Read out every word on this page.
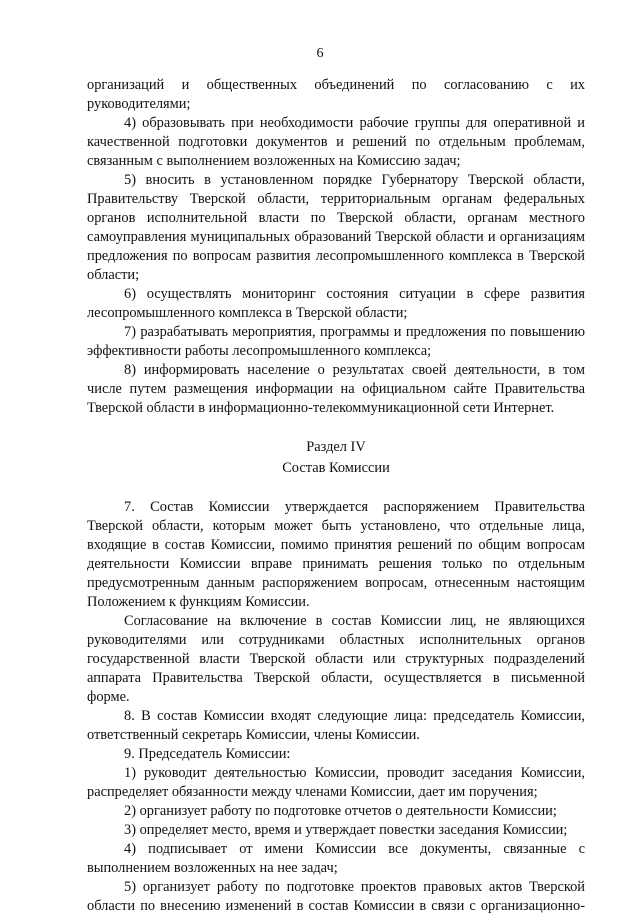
6

организаций и общественных объединений по согласованию с их руководителями;

4) образовывать при необходимости рабочие группы для оперативной и качественной подготовки документов и решений по отдельным проблемам, связанным с выполнением возложенных на Комиссию задач;

5) вносить в установленном порядке Губернатору Тверской области, Правительству Тверской области, территориальным органам федеральных органов исполнительной власти по Тверской области, органам местного самоуправления муниципальных образований Тверской области и организациям предложения по вопросам развития лесопромышленного комплекса в Тверской области;

6) осуществлять мониторинг состояния ситуации в сфере развития лесопромышленного комплекса в Тверской области;

7) разрабатывать мероприятия, программы и предложения по повышению эффективности работы лесопромышленного комплекса;

8) информировать население о результатах своей деятельности, в том числе путем размещения информации на официальном сайте Правительства Тверской области в информационно-телекоммуникационной сети Интернет.

Раздел IV

Состав Комиссии

7. Состав Комиссии утверждается распоряжением Правительства Тверской области, которым может быть установлено, что отдельные лица, входящие в состав Комиссии, помимо принятия решений по общим вопросам деятельности Комиссии вправе принимать решения только по отдельным предусмотренным данным распоряжением вопросам, отнесенным настоящим Положением к функциям Комиссии.

Согласование на включение в состав Комиссии лиц, не являющихся руководителями или сотрудниками областных исполнительных органов государственной власти Тверской области или структурных подразделений аппарата Правительства Тверской области, осуществляется в письменной форме.

8. В состав Комиссии входят следующие лица: председатель Комиссии, ответственный секретарь Комиссии, члены Комиссии.

9. Председатель Комиссии:

1) руководит деятельностью Комиссии, проводит заседания Комиссии, распределяет обязанности между членами Комиссии, дает им поручения;

2) организует работу по подготовке отчетов о деятельности Комиссии;

3) определяет место, время и утверждает повестки заседания Комиссии;

4) подписывает от имени Комиссии все документы, связанные с выполнением возложенных на нее задач;

5) организует работу по подготовке проектов правовых актов Тверской области по внесению изменений в состав Комиссии в связи с организационно-
